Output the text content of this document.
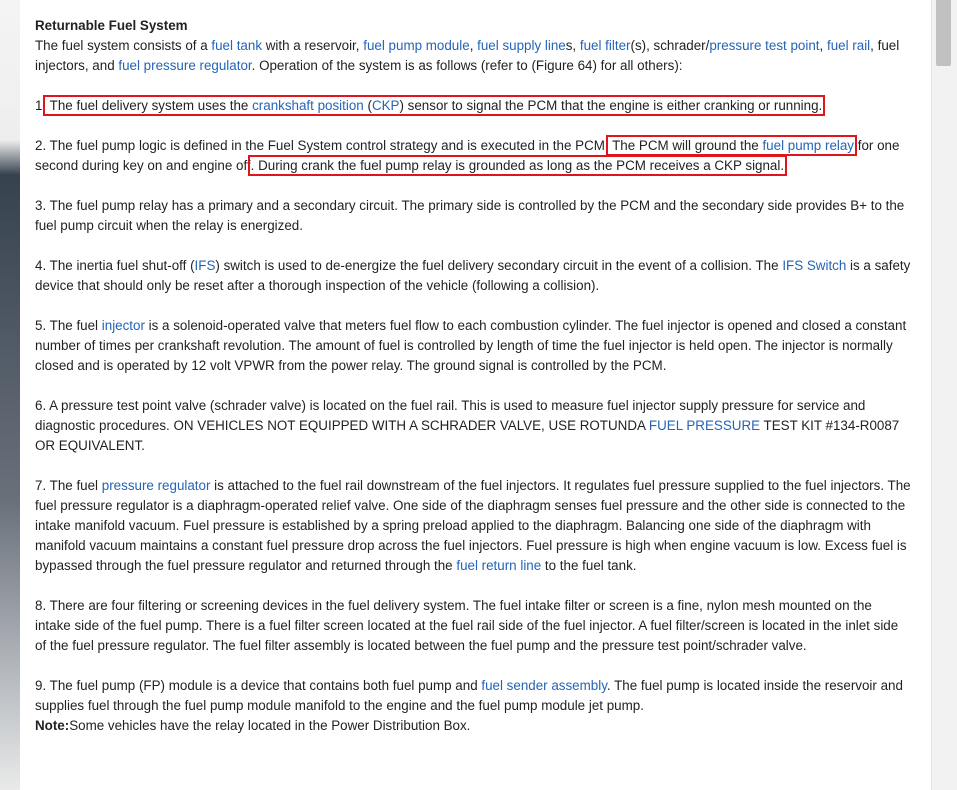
Returnable Fuel System
The fuel system consists of a fuel tank with a reservoir, fuel pump module, fuel supply lines, fuel filter(s), schrader/pressure test point, fuel rail, fuel injectors, and fuel pressure regulator. Operation of the system is as follows (refer to (Figure 64) for all others):

1. The fuel delivery system uses the crankshaft position (CKP) sensor to signal the PCM that the engine is either cranking or running.

2. The fuel pump logic is defined in the Fuel System control strategy and is executed in the PCM. The PCM will ground the fuel pump relay for one second during key on and engine off. During crank the fuel pump relay is grounded as long as the PCM receives a CKP signal.

3. The fuel pump relay has a primary and a secondary circuit. The primary side is controlled by the PCM and the secondary side provides B+ to the fuel pump circuit when the relay is energized.

4. The inertia fuel shut-off (IFS) switch is used to de-energize the fuel delivery secondary circuit in the event of a collision. The IFS Switch is a safety device that should only be reset after a thorough inspection of the vehicle (following a collision).

5. The fuel injector is a solenoid-operated valve that meters fuel flow to each combustion cylinder. The fuel injector is opened and closed a constant number of times per crankshaft revolution. The amount of fuel is controlled by length of time the fuel injector is held open. The injector is normally closed and is operated by 12 volt VPWR from the power relay. The ground signal is controlled by the PCM.

6. A pressure test point valve (schrader valve) is located on the fuel rail. This is used to measure fuel injector supply pressure for service and diagnostic procedures. ON VEHICLES NOT EQUIPPED WITH A SCHRADER VALVE, USE ROTUNDA FUEL PRESSURE TEST KIT #134-R0087 OR EQUIVALENT.

7. The fuel pressure regulator is attached to the fuel rail downstream of the fuel injectors. It regulates fuel pressure supplied to the fuel injectors. The fuel pressure regulator is a diaphragm-operated relief valve. One side of the diaphragm senses fuel pressure and the other side is connected to the intake manifold vacuum. Fuel pressure is established by a spring preload applied to the diaphragm. Balancing one side of the diaphragm with manifold vacuum maintains a constant fuel pressure drop across the fuel injectors. Fuel pressure is high when engine vacuum is low. Excess fuel is bypassed through the fuel pressure regulator and returned through the fuel return line to the fuel tank.

8. There are four filtering or screening devices in the fuel delivery system. The fuel intake filter or screen is a fine, nylon mesh mounted on the intake side of the fuel pump. There is a fuel filter screen located at the fuel rail side of the fuel injector. A fuel filter/screen is located in the inlet side of the fuel pressure regulator. The fuel filter assembly is located between the fuel pump and the pressure test point/schrader valve.

9. The fuel pump (FP) module is a device that contains both fuel pump and fuel sender assembly. The fuel pump is located inside the reservoir and supplies fuel through the fuel pump module manifold to the engine and the fuel pump module jet pump.
Note:Some vehicles have the relay located in the Power Distribution Box.
